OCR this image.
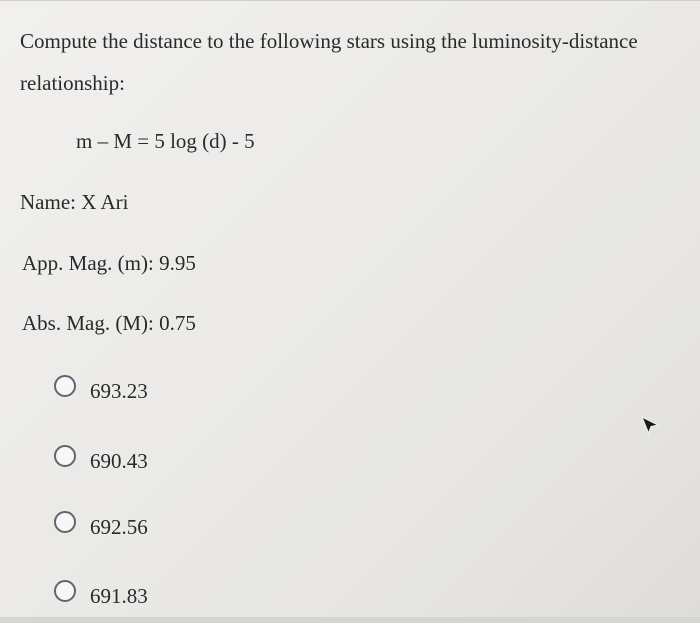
Compute the distance to the following stars using the luminosity-distance
relationship:
m – M = 5 log (d) - 5
Name: X Ari
App. Mag. (m): 9.95
Abs. Mag. (M): 0.75
693.23
690.43
692.56
691.83
